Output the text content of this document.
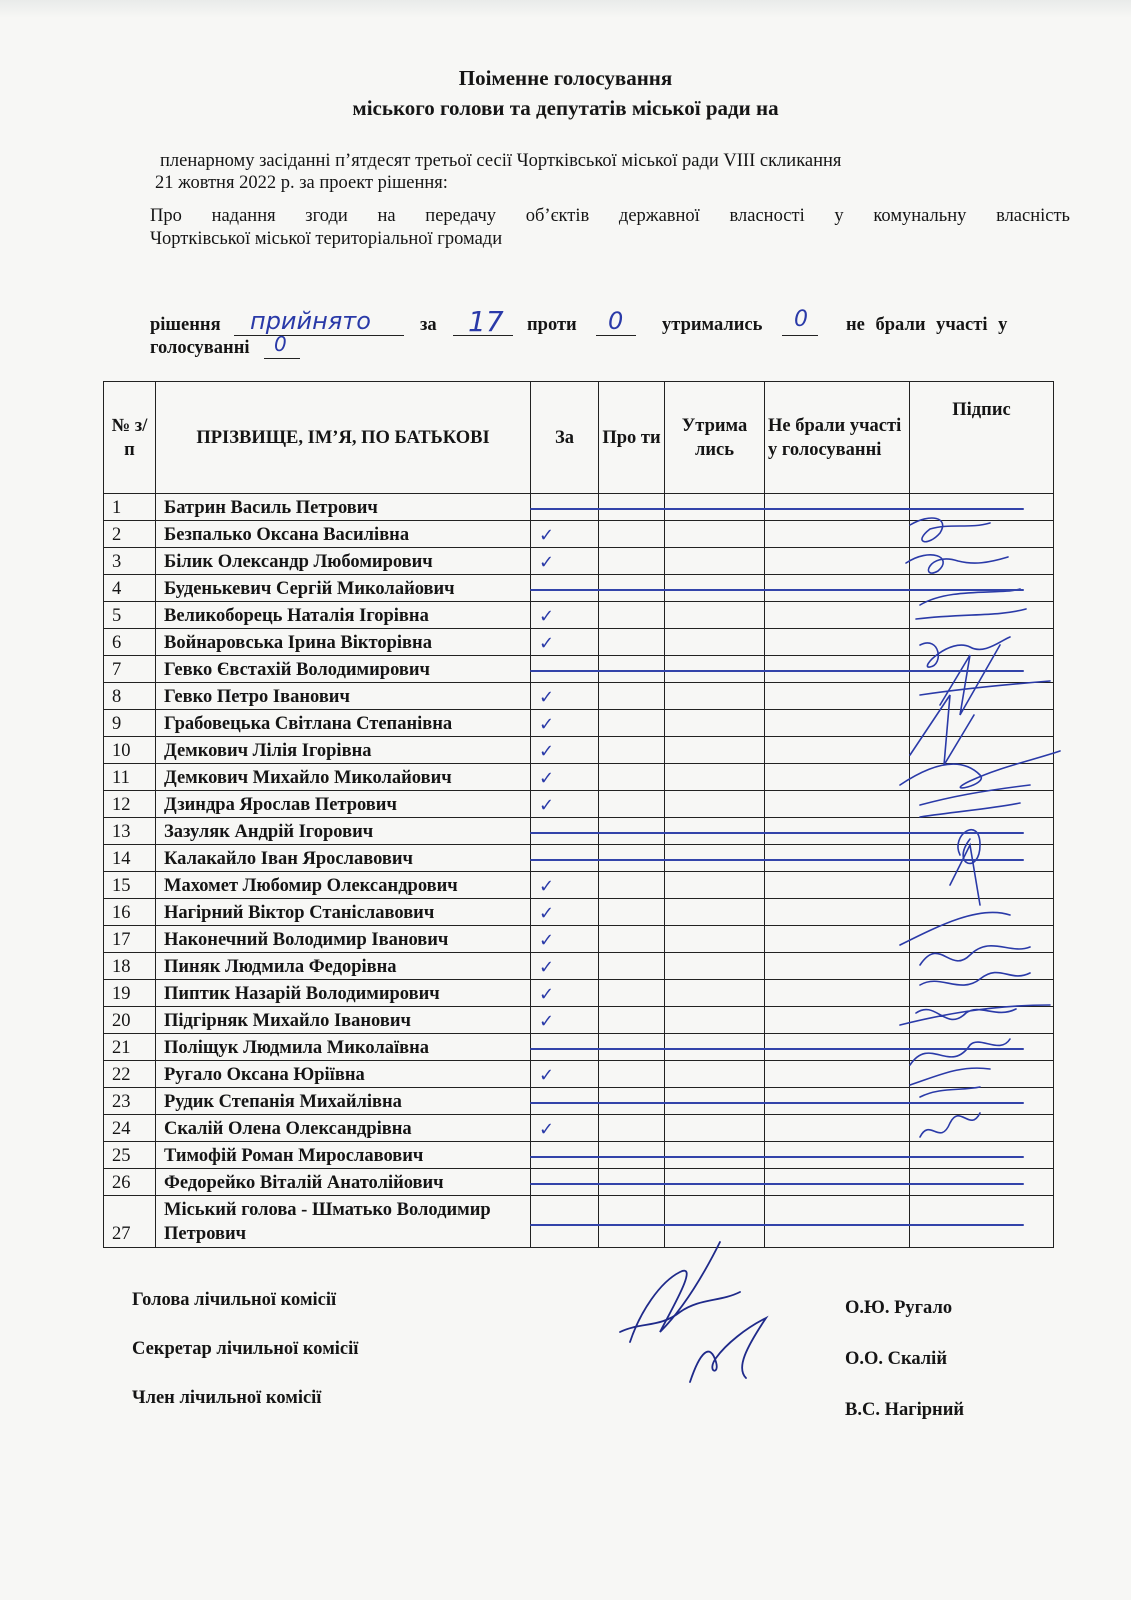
Поіменне голосування
міського голови та депутатів міської ради на
пленарному засіданні п’ятдесят третьої сесії Чортківської міської ради VIII скликання
21 жовтня 2022 р. за проект рішення:
Про надання згоди на передачу об’єктів державної власності у комунальну власність
Чортківської міської територіальної громади
рішення прийнято	за 17 проти 0 утримались 0 не брали участі у
голосуванні 0
№ з/п	ПРІЗВИЩЕ, ІМ’Я, ПО БАТЬКОВІ	За	Про ти	Утрима лись	Не брали участі у голосуванні	Підпис
1	Батрин Василь Петрович					
2	Безпалько Оксана Василівна	✓				
3	Білик Олександр Любомирович	✓				
4	Буденькевич Сергій Миколайович					
5	Великоборець Наталія Ігорівна	✓				
6	Войнаровська Ірина Вікторівна	✓				
7	Гевко Євстахій Володимирович					
8	Гевко Петро Іванович	✓				
9	Грабовецька Світлана Степанівна	✓				
10	Демкович Лілія Ігорівна	✓				
11	Демкович Михайло Миколайович	✓				
12	Дзиндра Ярослав Петрович	✓				
13	Зазуляк Андрій Ігорович					
14	Калакайло Іван Ярославович					
15	Махомет Любомир Олександрович	✓				
16	Нагірний Віктор Станіславович	✓				
17	Наконечний Володимир Іванович	✓				
18	Пиняк Людмила Федорівна	✓				
19	Пиптик Назарій Володимирович	✓				
20	Підгірняк Михайло Іванович	✓				
21	Поліщук Людмила Миколаївна					
22	Ругало Оксана Юріївна	✓				
23	Рудик Степанія Михайлівна					
24	Скалій Олена Олександрівна	✓				
25	Тимофій Роман Мирославович					
26	Федорейко Віталій Анатолійович					
27	Міський голова - Шматько Володимир Петрович					
Голова лічильної комісії
Секретар лічильної комісії
Член лічильної комісії
О.Ю. Ругало
О.О. Скалій
В.С. Нагірний
